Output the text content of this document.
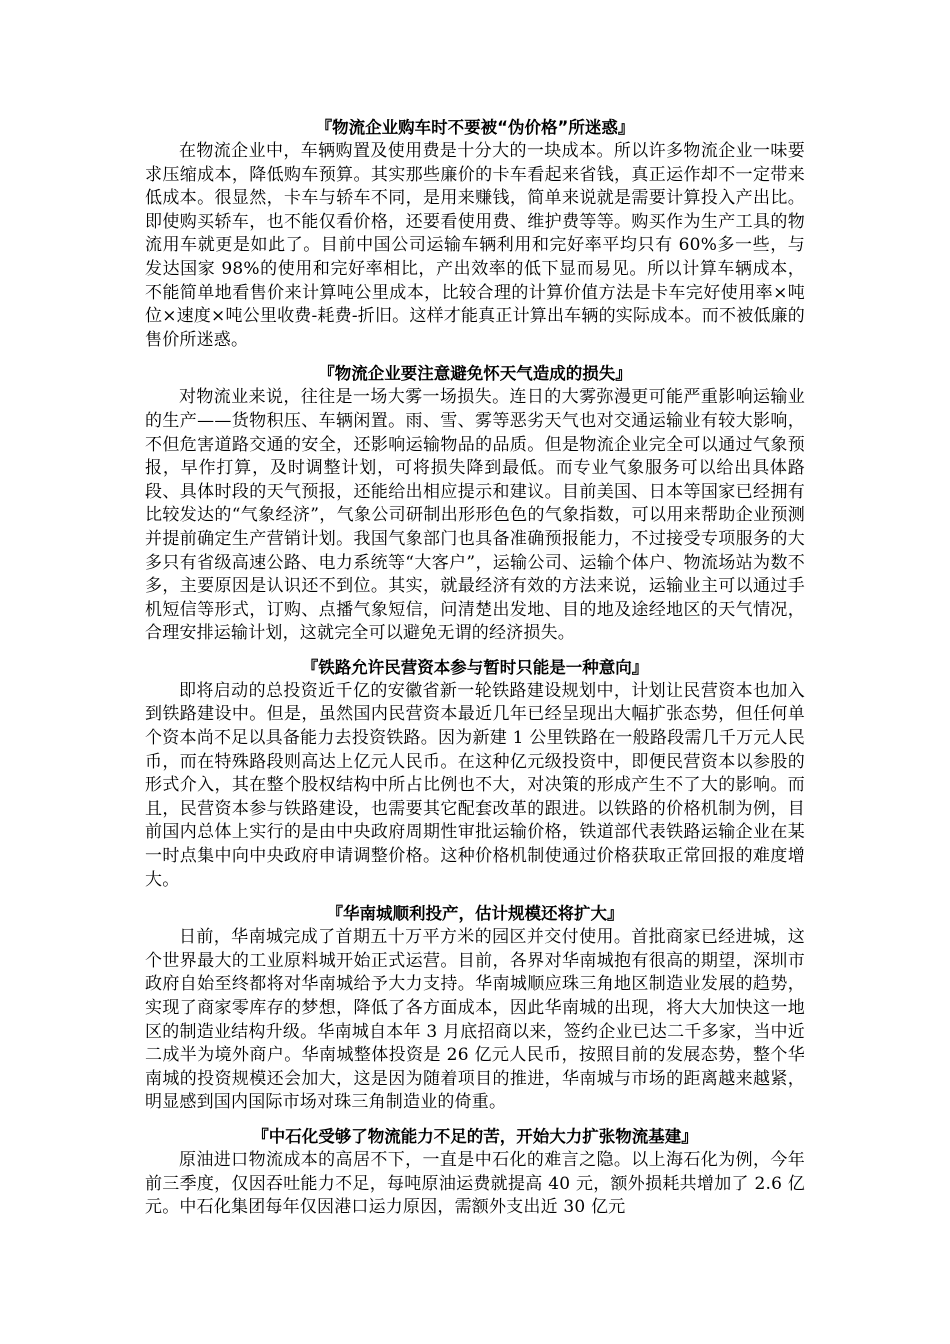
『物流企业购车时不要被“伪价格”所迷惑』

在物流企业中，车辆购置及使用费是十分大的一块成本。所以许多物流企业一味要求压缩成本，降低购车预算。其实那些廉价的卡车看起来省钱，真正运作却不一定带来低成本。很显然，卡车与轿车不同，是用来赚钱，简单来说就是需要计算投入产出比。即使购买轿车，也不能仅看价格，还要看使用费、维护费等等。购买作为生产工具的物流用车就更是如此了。目前中国公司运输车辆利用和完好率平均只有 60%多一些，与发达国家 98%的使用和完好率相比，产出效率的低下显而易见。所以计算车辆成本，不能简单地看售价来计算吨公里成本，比较合理的计算价值方法是卡车完好使用率×吨位×速度×吨公里收费-耗费-折旧。这样才能真正计算出车辆的实际成本。而不被低廉的售价所迷惑。

『物流企业要注意避免怀天气造成的损失』

对物流业来说，往往是一场大雾一场损失。连日的大雾弥漫更可能严重影响运输业的生产——货物积压、车辆闲置。雨、雪、雾等恶劣天气也对交通运输业有较大影响，不但危害道路交通的安全，还影响运输物品的品质。但是物流企业完全可以通过气象预报，早作打算，及时调整计划，可将损失降到最低。而专业气象服务可以给出具体路段、具体时段的天气预报，还能给出相应提示和建议。目前美国、日本等国家已经拥有比较发达的“气象经济”，气象公司研制出形形色色的气象指数，可以用来帮助企业预测并提前确定生产营销计划。我国气象部门也具备准确预报能力，不过接受专项服务的大多只有省级高速公路、电力系统等“大客户”，运输公司、运输个体户、物流场站为数不多，主要原因是认识还不到位。其实，就最经济有效的方法来说，运输业主可以通过手机短信等形式，订购、点播气象短信，问清楚出发地、目的地及途经地区的天气情况，合理安排运输计划，这就完全可以避免无谓的经济损失。

『铁路允许民营资本参与暂时只能是一种意向』

即将启动的总投资近千亿的安徽省新一轮铁路建设规划中，计划让民营资本也加入到铁路建设中。但是，虽然国内民营资本最近几年已经呈现出大幅扩张态势，但任何单个资本尚不足以具备能力去投资铁路。因为新建 1 公里铁路在一般路段需几千万元人民币，而在特殊路段则高达上亿元人民币。在这种亿元级投资中，即便民营资本以参股的形式介入，其在整个股权结构中所占比例也不大，对决策的形成产生不了大的影响。而且，民营资本参与铁路建设，也需要其它配套改革的跟进。以铁路的价格机制为例，目前国内总体上实行的是由中央政府周期性审批运输价格，铁道部代表铁路运输企业在某一时点集中向中央政府申请调整价格。这种价格机制使通过价格获取正常回报的难度增大。

『华南城顺利投产，估计规模还将扩大』

日前，华南城完成了首期五十万平方米的园区并交付使用。首批商家已经进城，这个世界最大的工业原料城开始正式运营。目前，各界对华南城抱有很高的期望，深圳市政府自始至终都将对华南城给予大力支持。华南城顺应珠三角地区制造业发展的趋势，实现了商家零库存的梦想，降低了各方面成本，因此华南城的出现，将大大加快这一地区的制造业结构升级。华南城自本年 3 月底招商以来，签约企业已达二千多家，当中近二成半为境外商户。华南城整体投资是 26 亿元人民币，按照目前的发展态势，整个华南城的投资规模还会加大，这是因为随着项目的推进，华南城与市场的距离越来越紧，明显感到国内国际市场对珠三角制造业的倚重。

『中石化受够了物流能力不足的苦，开始大力扩张物流基建』

原油进口物流成本的高居不下，一直是中石化的难言之隐。以上海石化为例，今年前三季度，仅因吞吐能力不足，每吨原油运费就提高 40 元，额外损耗共增加了 2.6 亿元。中石化集团每年仅因港口运力原因，需额外支出近 30 亿元
